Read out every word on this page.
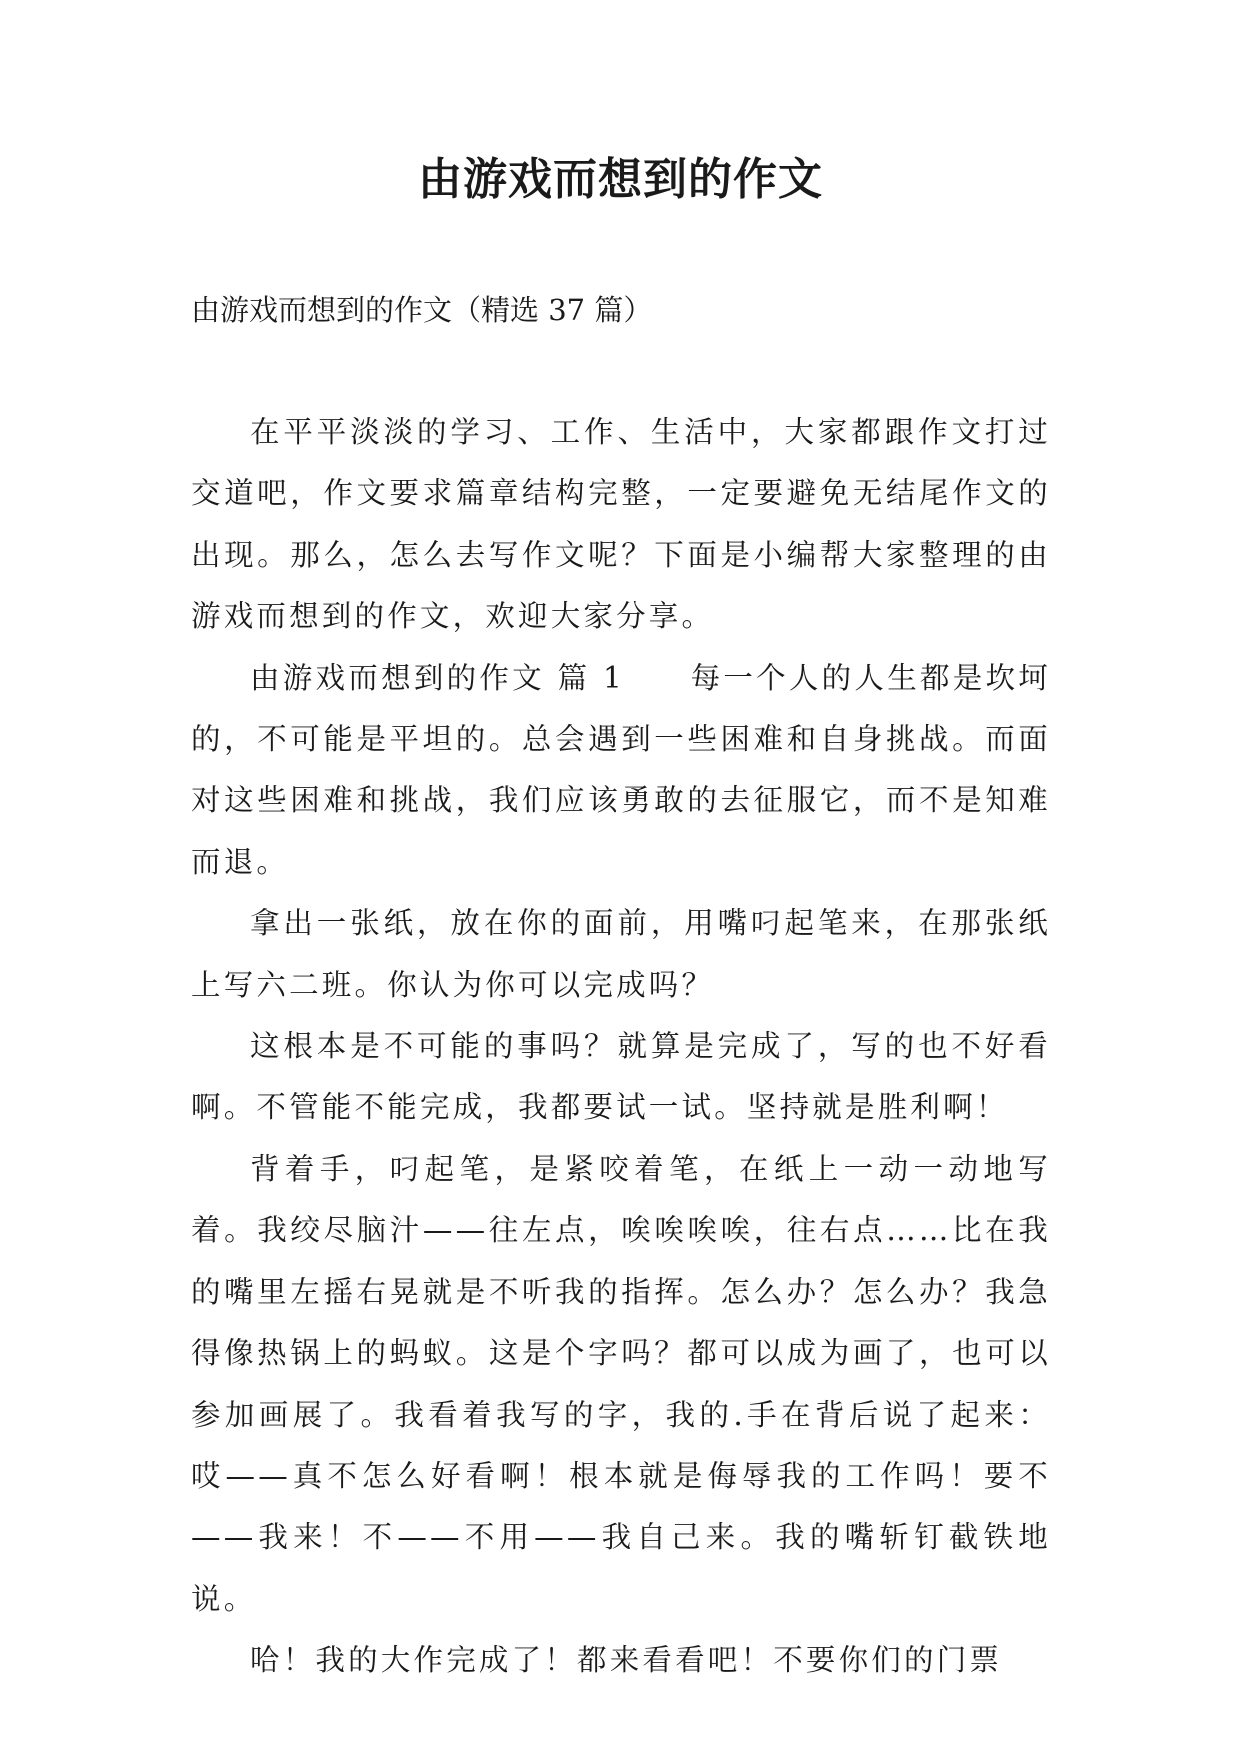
由游戏而想到的作文
由游戏而想到的作文（精选 37 篇）

在平平淡淡的学习、工作、生活中，大家都跟作文打过交道吧，作文要求篇章结构完整，一定要避免无结尾作文的出现。那么，怎么去写作文呢？下面是小编帮大家整理的由游戏而想到的作文，欢迎大家分享。

由游戏而想到的作文 篇 1　　每一个人的人生都是坎坷的，不可能是平坦的。总会遇到一些困难和自身挑战。而面对这些困难和挑战，我们应该勇敢的去征服它，而不是知难而退。

拿出一张纸，放在你的面前，用嘴叼起笔来，在那张纸上写六二班。你认为你可以完成吗？

这根本是不可能的事吗？就算是完成了，写的也不好看啊。不管能不能完成，我都要试一试。坚持就是胜利啊！

背着手，叼起笔，是紧咬着笔，在纸上一动一动地写着。我绞尽脑汁——往左点，唉唉唉唉，往右点……比在我的嘴里左摇右晃就是不听我的指挥。怎么办？怎么办？我急得像热锅上的蚂蚁。这是个字吗？都可以成为画了，也可以参加画展了。我看着我写的字，我的.手在背后说了起来：哎——真不怎么好看啊！根本就是侮辱我的工作吗！要不——我来！不——不用——我自己来。我的嘴斩钉截铁地说。

哈！我的大作完成了！都来看看吧！不要你们的门票
